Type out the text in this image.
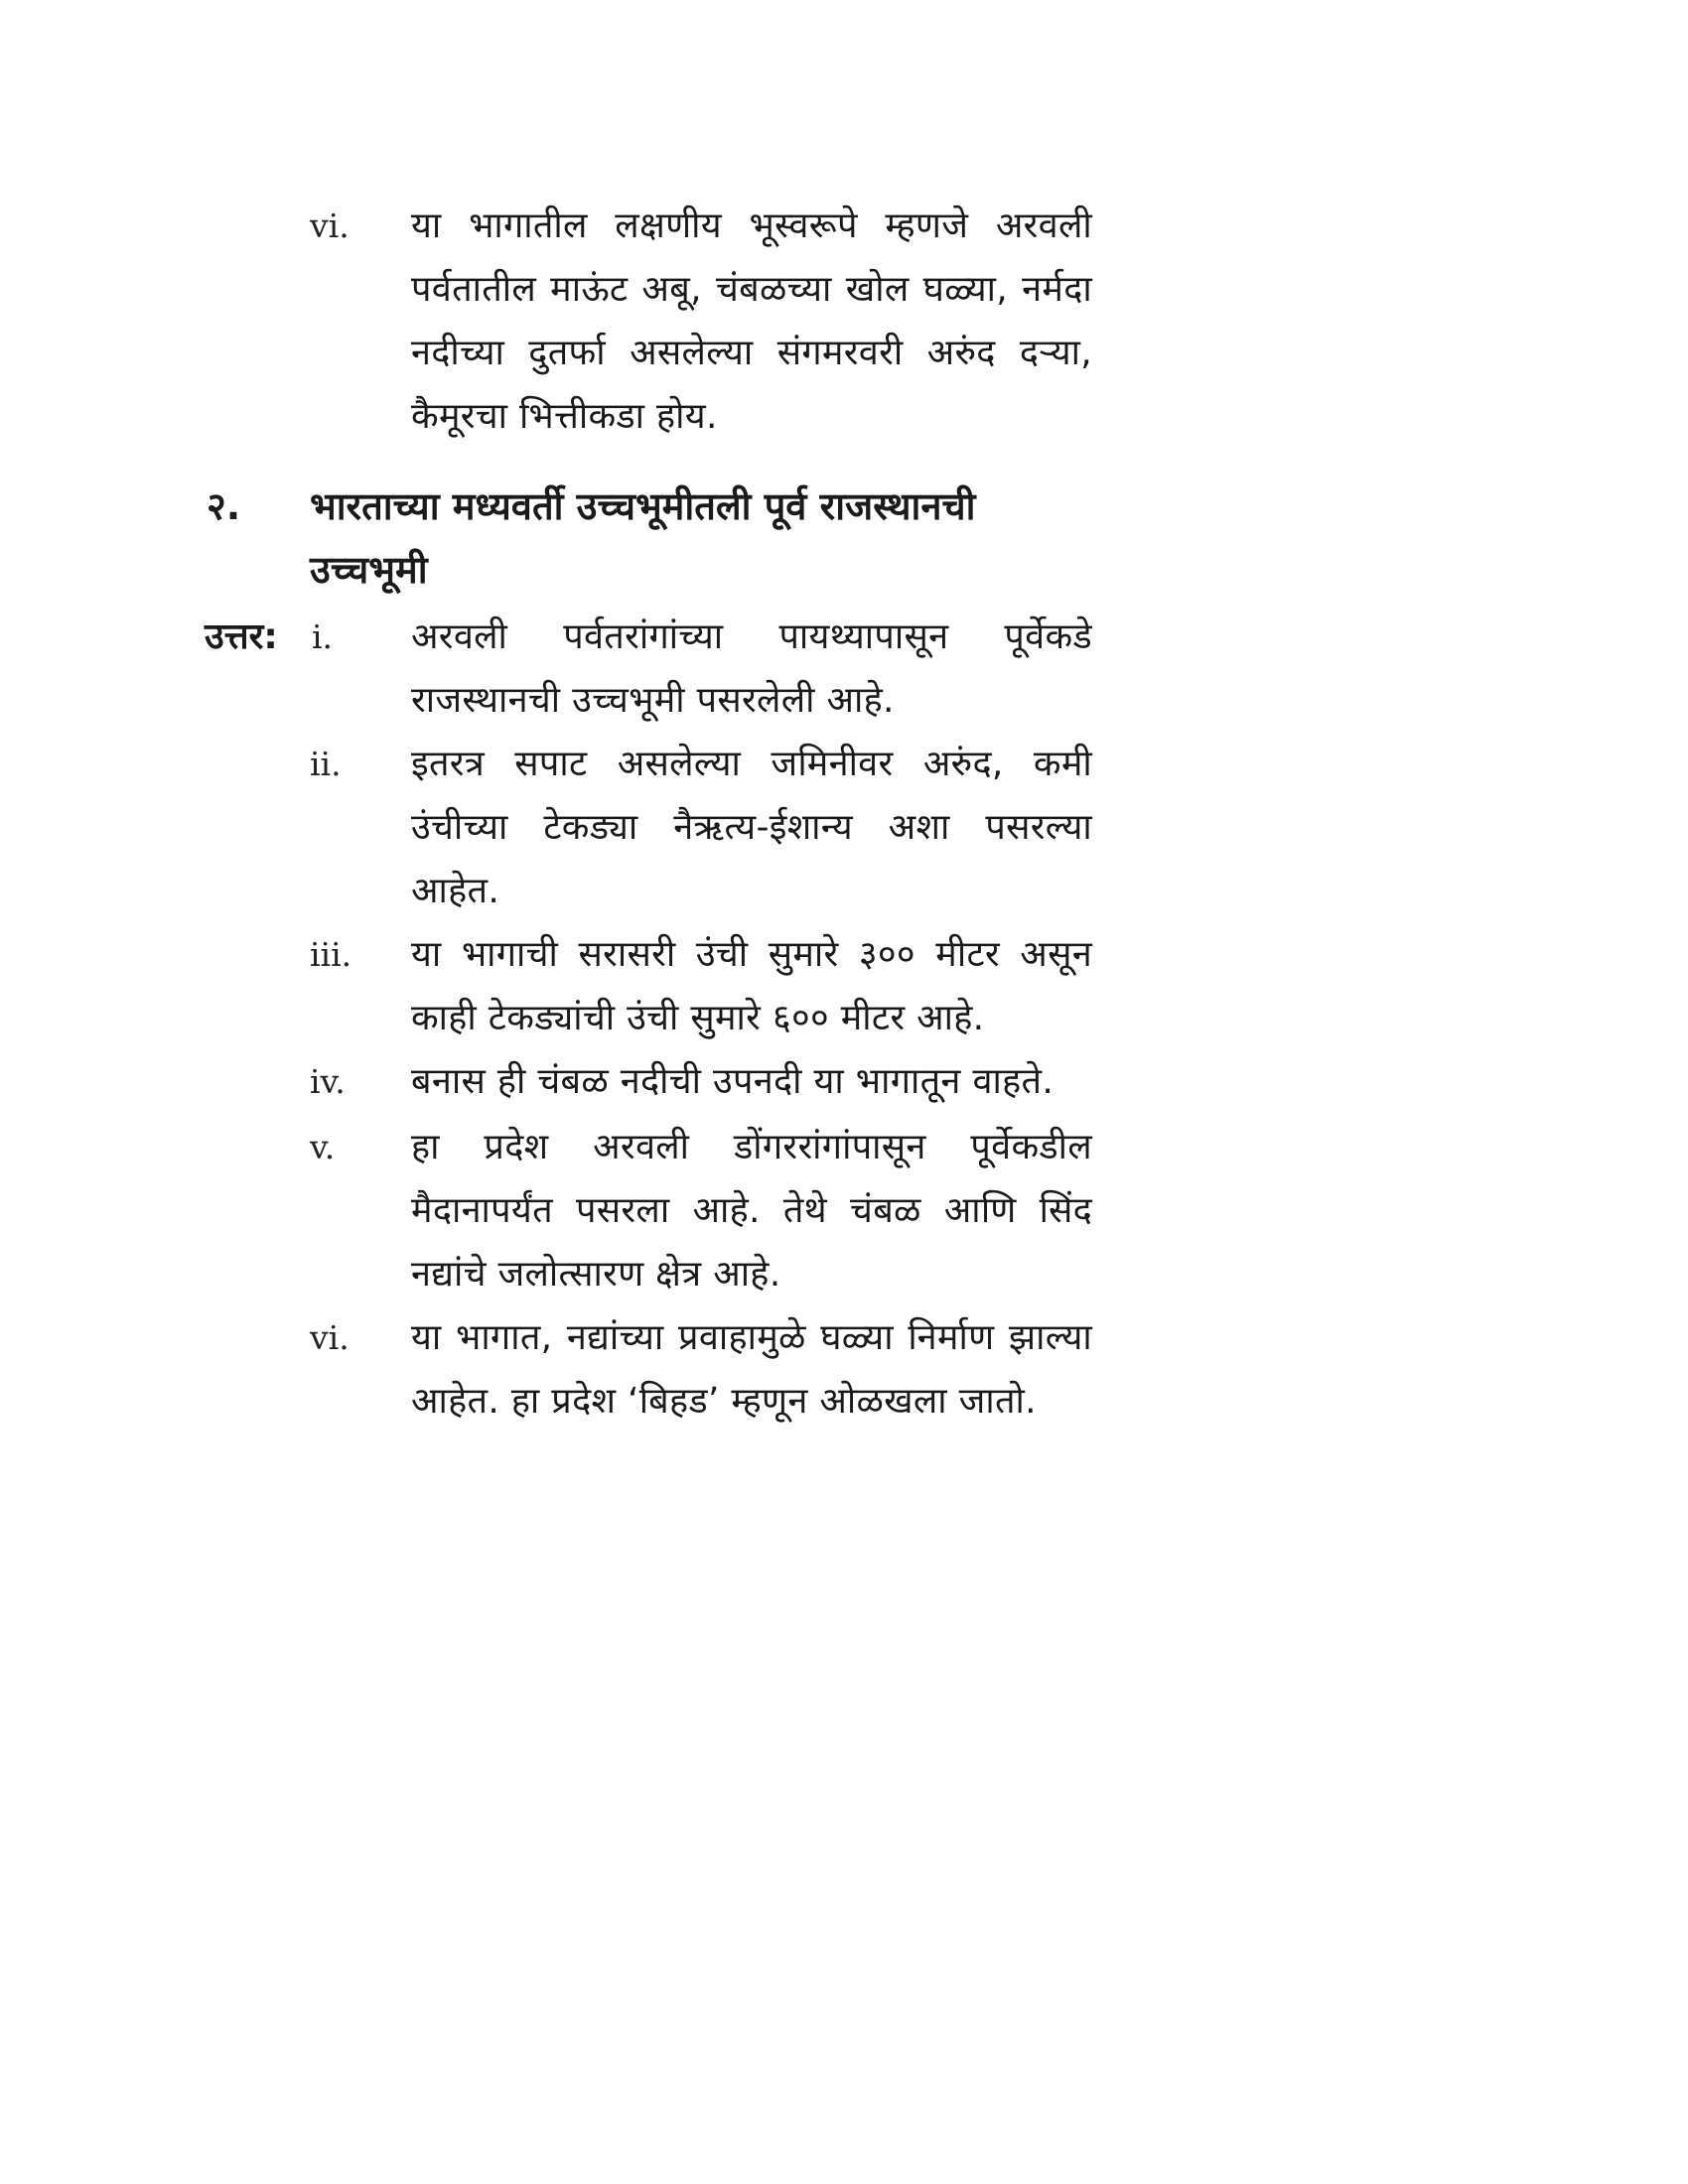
vi. या भागातील लक्षणीय भूस्वरूपे म्हणजे अरवली पर्वतातील माऊंट अबू, चंबळच्या खोल घळ्या, नर्मदा नदीच्या दुतर्फा असलेल्या संगमरवरी अरुंद दऱ्या, कैमूरचा भित्तीकडा होय.
२. भारताच्या मध्यवर्ती उच्चभूमीतली पूर्व राजस्थानची उच्चभूमी
उत्तर: i. अरवली पर्वतरांगांच्या पायथ्यापासून पूर्वेकडे राजस्थानची उच्चभूमी पसरलेली आहे.
ii. इतरत्र सपाट असलेल्या जमिनीवर अरुंद, कमी उंचीच्या टेकड्या नैऋत्य-ईशान्य अशा पसरल्या आहेत.
iii. या भागाची सरासरी उंची सुमारे ३०० मीटर असून काही टेकड्यांची उंची सुमारे ६०० मीटर आहे.
iv. बनास ही चंबळ नदीची उपनदी या भागातून वाहते.
v. हा प्रदेश अरवली डोंगररांगांपासून पूर्वेकडील मैदानापर्यंत पसरला आहे. तेथे चंबळ आणि सिंद नद्यांचे जलोत्सारण क्षेत्र आहे.
vi. या भागात, नद्यांच्या प्रवाहामुळे घळ्या निर्माण झाल्या आहेत. हा प्रदेश ‘बिहड’ म्हणून ओळखला जातो.
